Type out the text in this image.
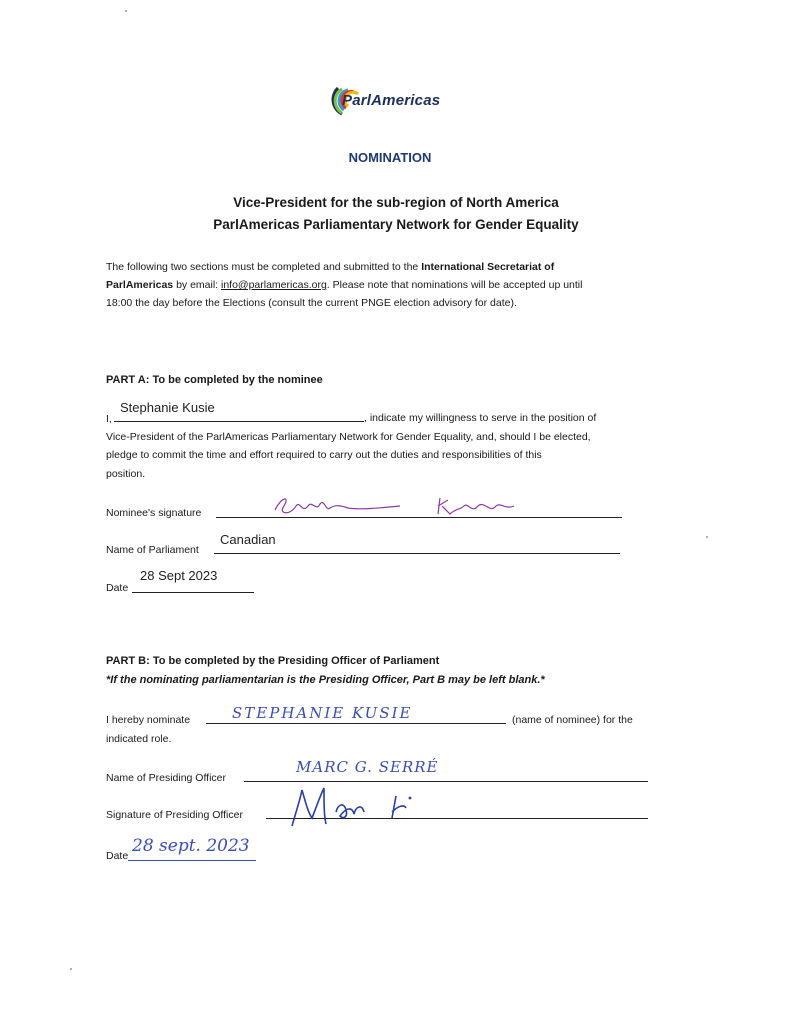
ParlAmericas
NOMINATION
Vice-President for the sub-region of North America
ParlAmericas Parliamentary Network for Gender Equality
The following two sections must be completed and submitted to the International Secretariat of
ParlAmericas by email: info@parlamericas.org. Please note that nominations will be accepted up until
18:00 the day before the Elections (consult the current PNGE election advisory for date).
PART A: To be completed by the nominee
I,
Stephanie Kusie
, indicate my willingness to serve in the position of
Vice-President of the ParlAmericas Parliamentary Network for Gender Equality, and, should I be elected,
pledge to commit the time and effort required to carry out the duties and responsibilities of this
position.
Nominee's signature
Name of Parliament
Canadian
Date
28 Sept 2023
PART B: To be completed by the Presiding Officer of Parliament
*If the nominating parliamentarian is the Presiding Officer, Part B may be left blank.*
I hereby nominate	STEPHANIE KUSIE	(name of nominee) for the
indicated role.
Name of Presiding Officer
MARC G. SERRÉ
Signature of Presiding Officer
Date 28 sept. 2023
